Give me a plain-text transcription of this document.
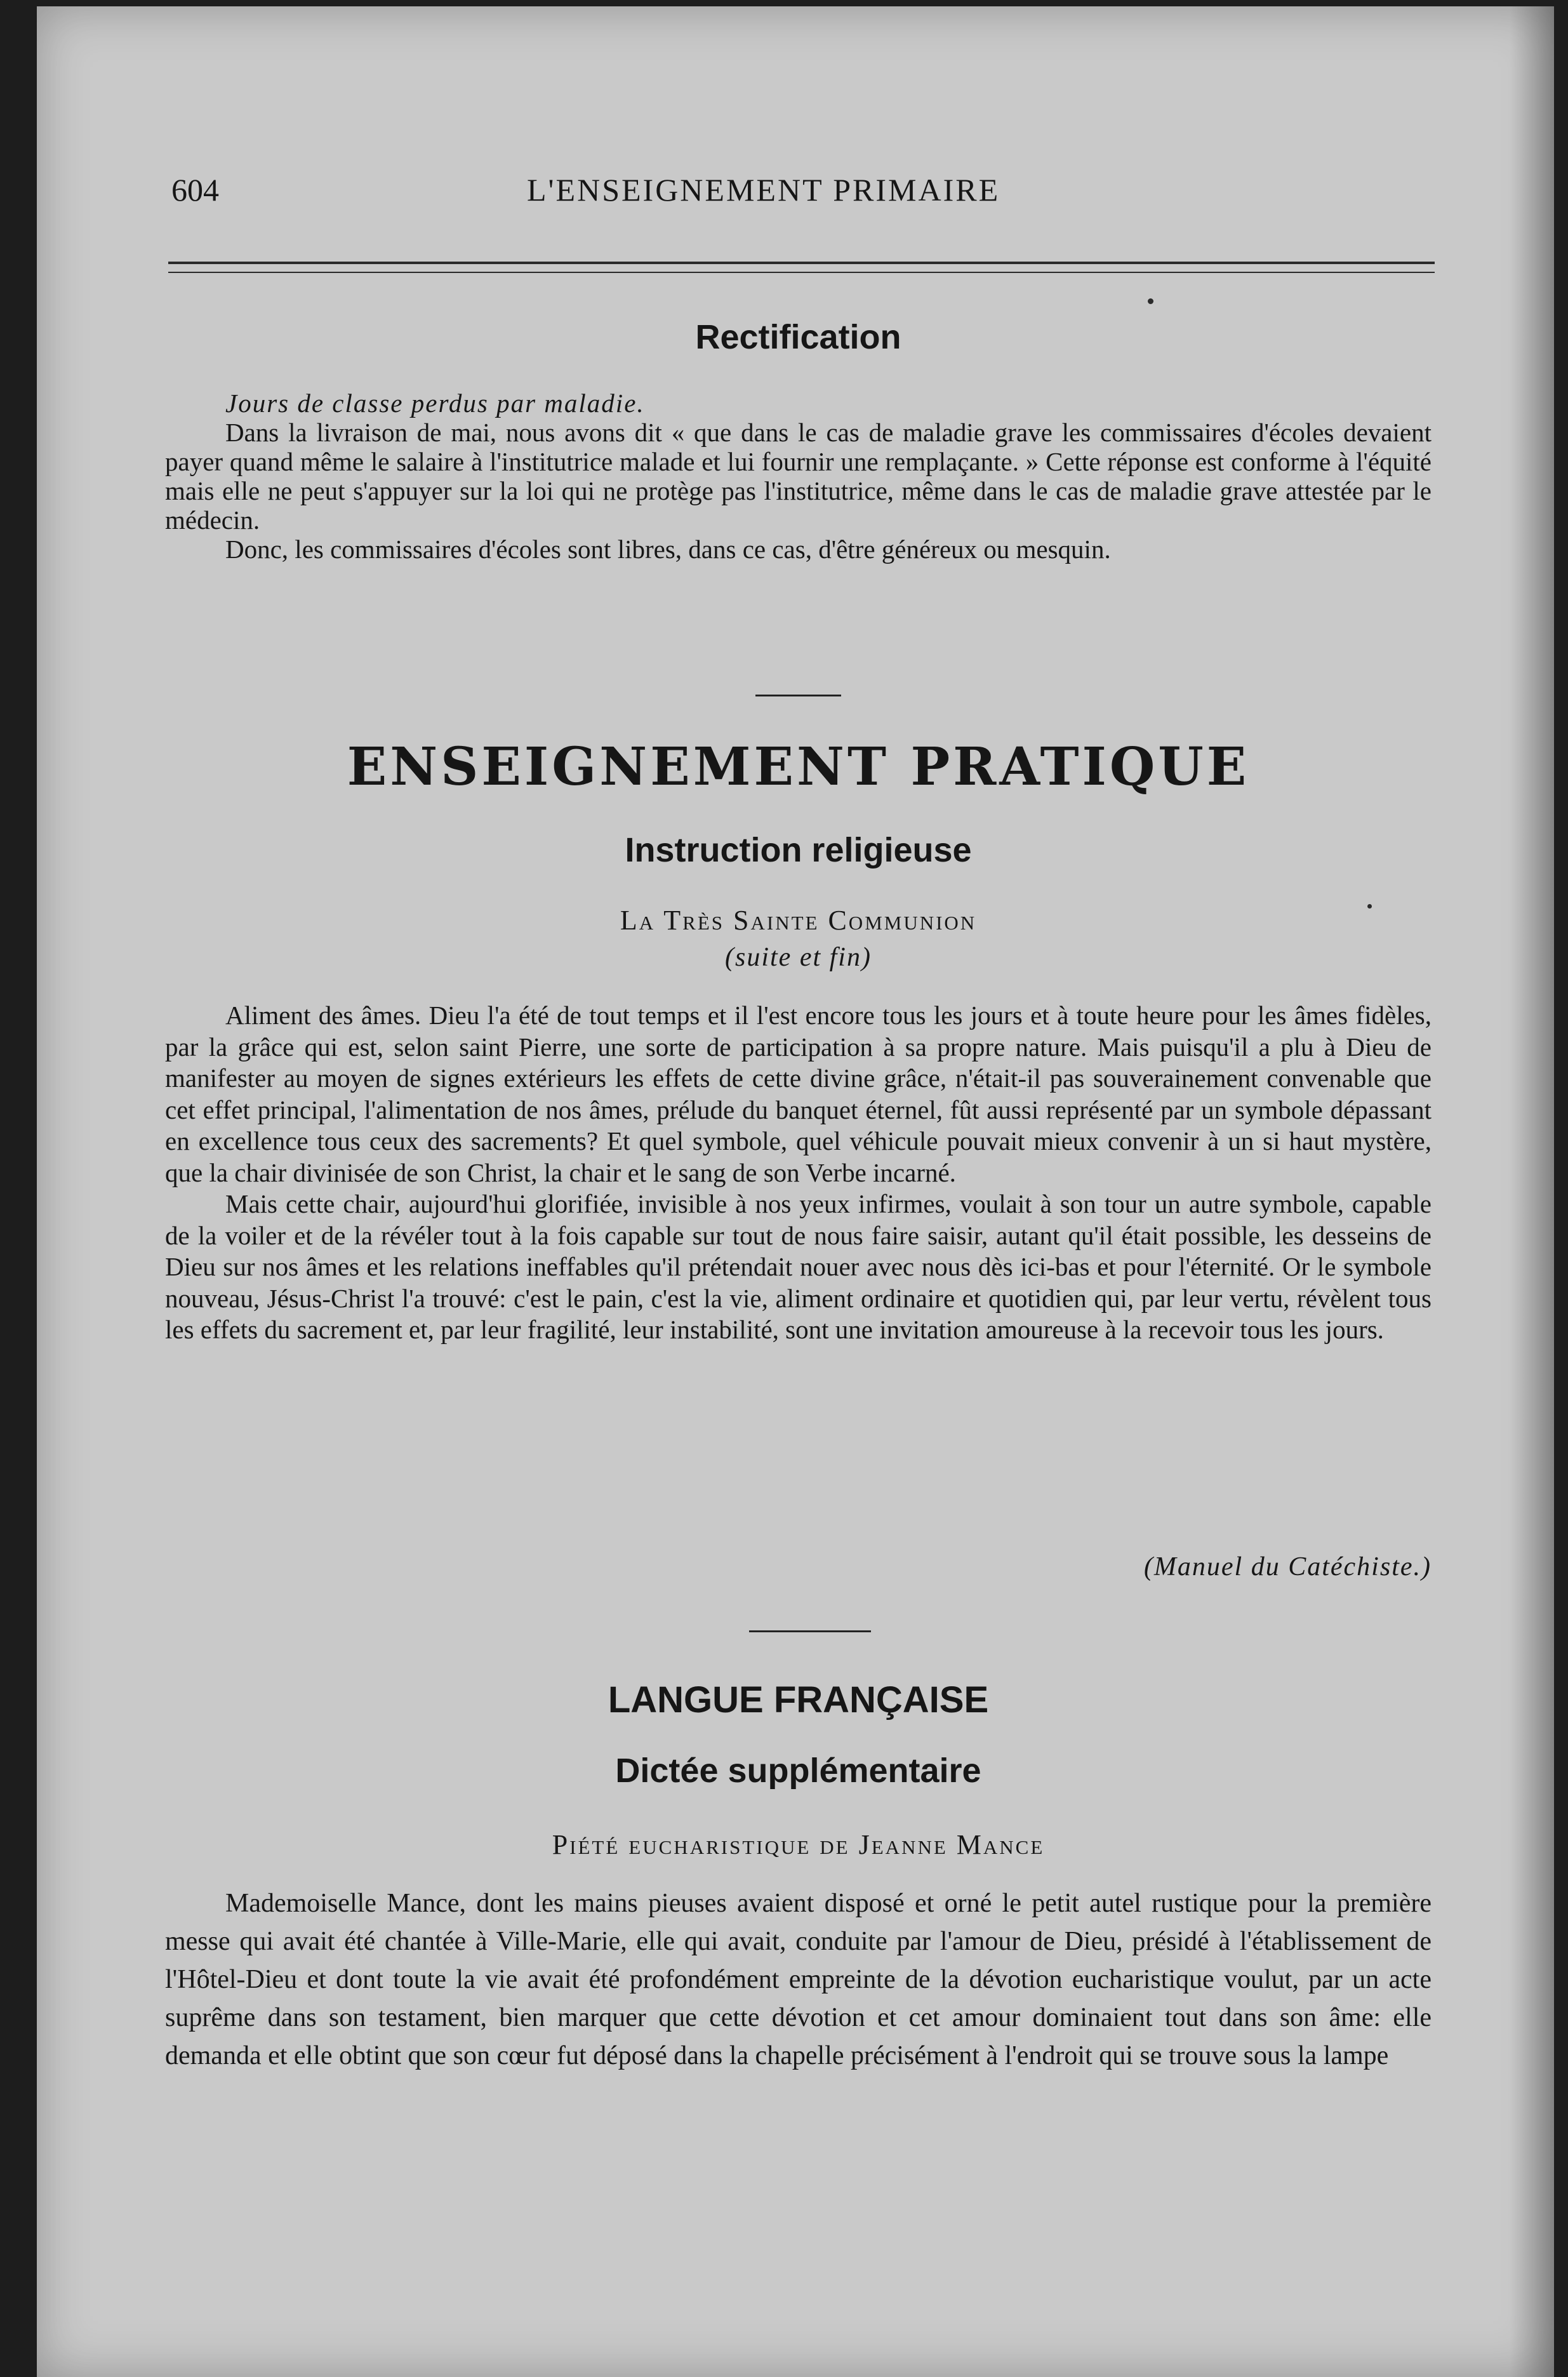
604	L'ENSEIGNEMENT PRIMAIRE
Rectification

Jours de classe perdus par maladie.

Dans la livraison de mai, nous avons dit « que dans le cas de maladie grave les commissaires d'écoles devaient payer quand même le salaire à l'institutrice malade et lui fournir une remplaçante. » Cette réponse est conforme à l'équité mais elle ne peut s'appuyer sur la loi qui ne protège pas l'institutrice, même dans le cas de maladie grave attestée par le médecin.

Donc, les commissaires d'écoles sont libres, dans ce cas, d'être généreux ou mesquin.

ENSEIGNEMENT PRATIQUE
Instruction religieuse
La Très Sainte Communion
(suite et fin)

Aliment des âmes. Dieu l'a été de tout temps et il l'est encore tous les jours et à toute heure pour les âmes fidèles, par la grâce qui est, selon saint Pierre, une sorte de participation à sa propre nature. Mais puisqu'il a plu à Dieu de manifester au moyen de signes extérieurs les effets de cette divine grâce, n'était-il pas souverainement convenable que cet effet principal, l'alimentation de nos âmes, prélude du banquet éternel, fût aussi représenté par un symbole dépassant en excellence tous ceux des sacrements? Et quel symbole, quel véhicule pouvait mieux convenir à un si haut mystère, que la chair divinisée de son Christ, la chair et le sang de son Verbe incarné.

Mais cette chair, aujourd'hui glorifiée, invisible à nos yeux infirmes, voulait à son tour un autre symbole, capable de la voiler et de la révéler tout à la fois capable sur tout de nous faire saisir, autant qu'il était possible, les desseins de Dieu sur nos âmes et les relations ineffables qu'il prétendait nouer avec nous dès ici-bas et pour l'éternité. Or le symbole nouveau, Jésus-Christ l'a trouvé: c'est le pain, c'est la vie, aliment ordinaire et quotidien qui, par leur vertu, révèlent tous les effets du sacrement et, par leur fragilité, leur instabilité, sont une invitation amoureuse à la recevoir tous les jours.

(Manuel du Catéchiste.)
LANGUE FRANÇAISE
Dictée supplémentaire
Piété eucharistique de Jeanne Mance

Mademoiselle Mance, dont les mains pieuses avaient disposé et orné le petit autel rustique pour la première messe qui avait été chantée à Ville-Marie, elle qui avait, conduite par l'amour de Dieu, présidé à l'établissement de l'Hôtel-Dieu et dont toute la vie avait été profondément empreinte de la dévotion eucharistique voulut, par un acte suprême dans son testament, bien marquer que cette dévotion et cet amour dominaient tout dans son âme: elle demanda et elle obtint que son cœur fut déposé dans la chapelle précisément à l'endroit qui se trouve sous la lampe
